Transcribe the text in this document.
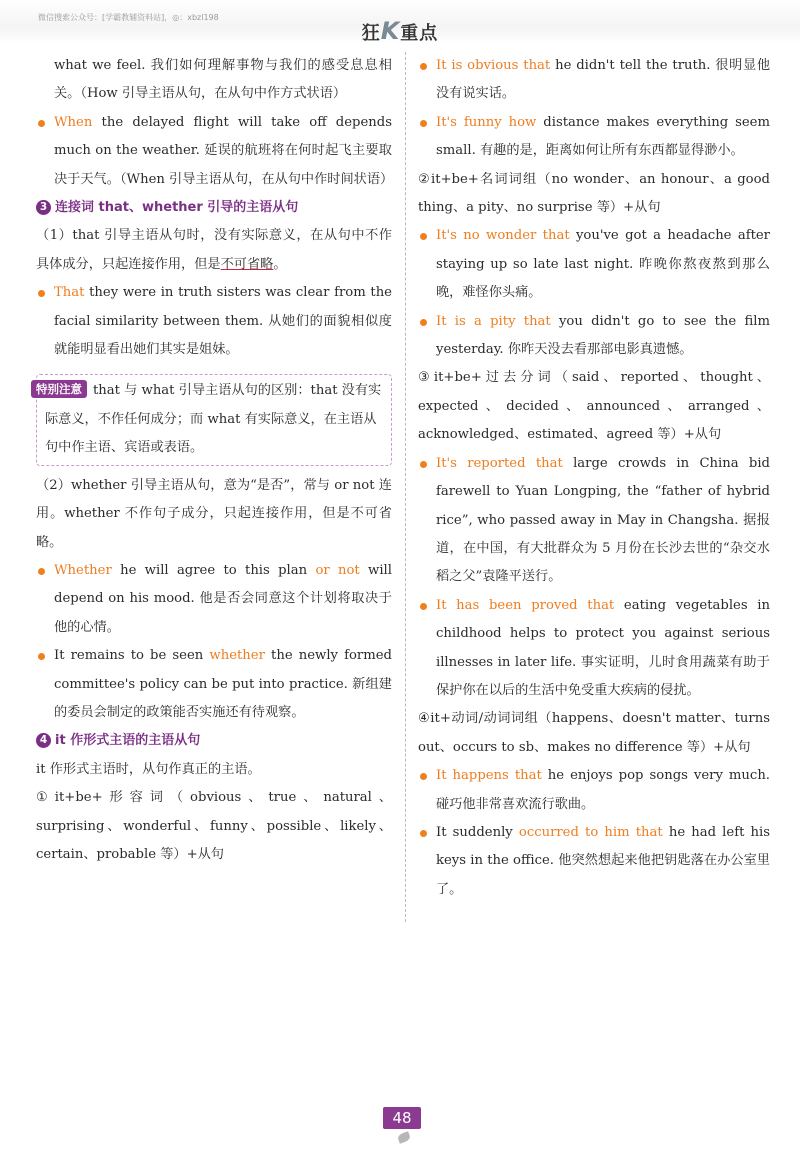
微信搜索公众号：[学霸教辅资料站]，◎：xbzl198
狂K重点
what we feel. 我们如何理解事物与我们的感受息息相关。（How 引导主语从句，在从句中作方式状语）
When the delayed flight will take off depends much on the weather. 延误的航班将在何时起飞主要取决于天气。（When 引导主语从句，在从句中作时间状语）
3 连接词 that、whether 引导的主语从句
（1）that 引导主语从句时，没有实际意义，在从句中不作具体成分，只起连接作用，但是不可省略。
That they were in truth sisters was clear from the facial similarity between them. 从她们的面貌相似度就能明显看出她们其实是姐妹。
特别注意 that 与 what 引导主语从句的区别：that 没有实际意义，不作任何成分；而 what 有实际意义，在主语从句中作主语、宾语或表语。
（2）whether 引导主语从句，意为“是否”，常与 or not 连用。whether 不作句子成分，只起连接作用，但是不可省略。
Whether he will agree to this plan or not will depend on his mood. 他是否会同意这个计划将取决于他的心情。
It remains to be seen whether the newly formed committee's policy can be put into practice. 新组建的委员会制定的政策能否实施还有待观察。
4 it 作形式主语的主语从句
it 作形式主语时，从句作真正的主语。
①it+be+形容词（obvious、true、natural、surprising、wonderful、funny、possible、likely、certain、probable 等）+从句
It is obvious that he didn't tell the truth. 很明显他没有说实话。
It's funny how distance makes everything seem small. 有趣的是，距离如何让所有东西都显得渺小。
②it+be+名词词组（no wonder、an honour、a good thing、a pity、no surprise 等）+从句
It's no wonder that you've got a headache after staying up so late last night. 昨晚你熬夜熬到那么晚，难怪你头痛。
It is a pity that you didn't go to see the film yesterday. 你昨天没去看那部电影真遗憾。
③it+be+过去分词（said、reported、thought、expected、decided、announced、arranged、acknowledged、estimated、agreed 等）+从句
It's reported that large crowds in China bid farewell to Yuan Longping, the “father of hybrid rice”, who passed away in May in Changsha. 据报道，在中国，有大批群众为 5 月份在长沙去世的“杂交水稻之父”袁隆平送行。
It has been proved that eating vegetables in childhood helps to protect you against serious illnesses in later life. 事实证明，儿时食用蔬菜有助于保护你在以后的生活中免受重大疾病的侵扰。
④it+动词/动词词组（happens、doesn't matter、turns out、occurs to sb、makes no difference 等）+从句
It happens that he enjoys pop songs very much. 碰巧他非常喜欢流行歌曲。
It suddenly occurred to him that he had left his keys in the office. 他突然想起来他把钥匙落在办公室里了。
48
